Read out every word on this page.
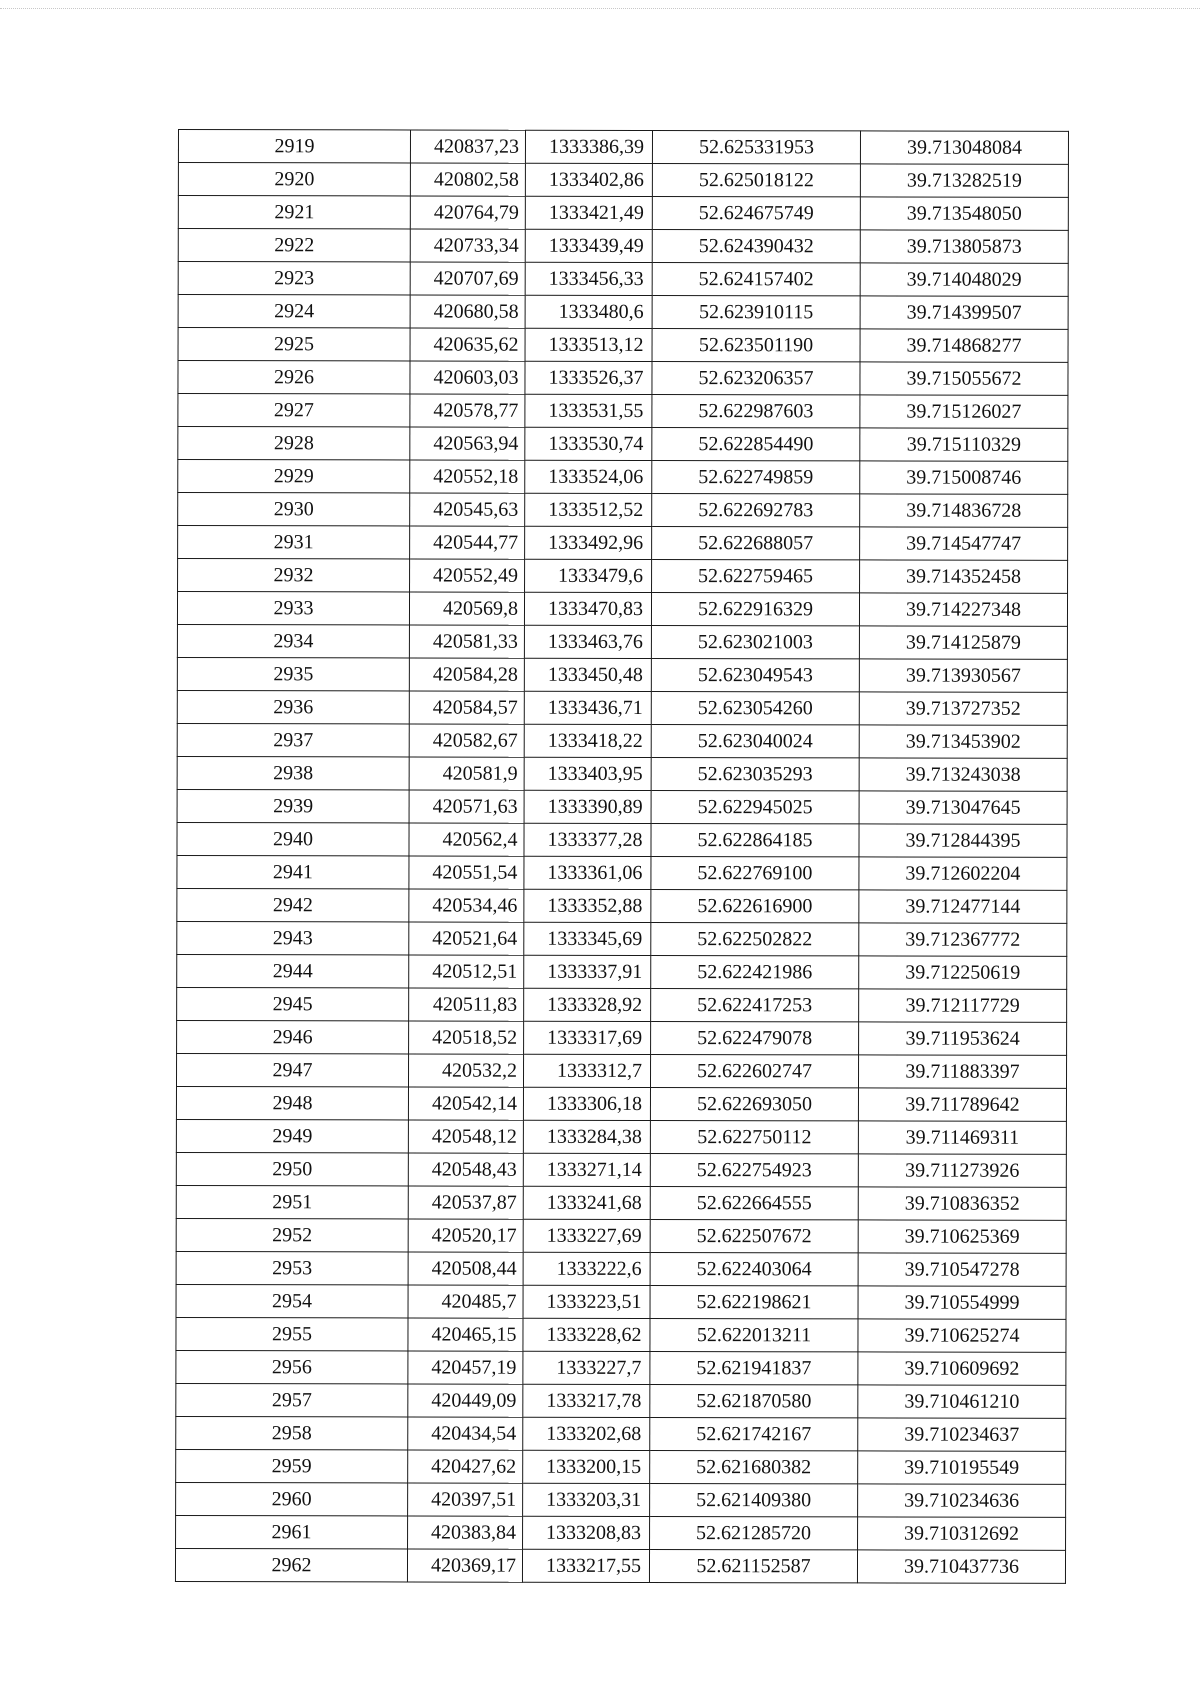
2919	420837,23	1333386,39	52.625331953	39.713048084
2920	420802,58	1333402,86	52.625018122	39.713282519
2921	420764,79	1333421,49	52.624675749	39.713548050
2922	420733,34	1333439,49	52.624390432	39.713805873
2923	420707,69	1333456,33	52.624157402	39.714048029
2924	420680,58	1333480,6	52.623910115	39.714399507
2925	420635,62	1333513,12	52.623501190	39.714868277
2926	420603,03	1333526,37	52.623206357	39.715055672
2927	420578,77	1333531,55	52.622987603	39.715126027
2928	420563,94	1333530,74	52.622854490	39.715110329
2929	420552,18	1333524,06	52.622749859	39.715008746
2930	420545,63	1333512,52	52.622692783	39.714836728
2931	420544,77	1333492,96	52.622688057	39.714547747
2932	420552,49	1333479,6	52.622759465	39.714352458
2933	420569,8	1333470,83	52.622916329	39.714227348
2934	420581,33	1333463,76	52.623021003	39.714125879
2935	420584,28	1333450,48	52.623049543	39.713930567
2936	420584,57	1333436,71	52.623054260	39.713727352
2937	420582,67	1333418,22	52.623040024	39.713453902
2938	420581,9	1333403,95	52.623035293	39.713243038
2939	420571,63	1333390,89	52.622945025	39.713047645
2940	420562,4	1333377,28	52.622864185	39.712844395
2941	420551,54	1333361,06	52.622769100	39.712602204
2942	420534,46	1333352,88	52.622616900	39.712477144
2943	420521,64	1333345,69	52.622502822	39.712367772
2944	420512,51	1333337,91	52.622421986	39.712250619
2945	420511,83	1333328,92	52.622417253	39.712117729
2946	420518,52	1333317,69	52.622479078	39.711953624
2947	420532,2	1333312,7	52.622602747	39.711883397
2948	420542,14	1333306,18	52.622693050	39.711789642
2949	420548,12	1333284,38	52.622750112	39.711469311
2950	420548,43	1333271,14	52.622754923	39.711273926
2951	420537,87	1333241,68	52.622664555	39.710836352
2952	420520,17	1333227,69	52.622507672	39.710625369
2953	420508,44	1333222,6	52.622403064	39.710547278
2954	420485,7	1333223,51	52.622198621	39.710554999
2955	420465,15	1333228,62	52.622013211	39.710625274
2956	420457,19	1333227,7	52.621941837	39.710609692
2957	420449,09	1333217,78	52.621870580	39.710461210
2958	420434,54	1333202,68	52.621742167	39.710234637
2959	420427,62	1333200,15	52.621680382	39.710195549
2960	420397,51	1333203,31	52.621409380	39.710234636
2961	420383,84	1333208,83	52.621285720	39.710312692
2962	420369,17	1333217,55	52.621152587	39.710437736
